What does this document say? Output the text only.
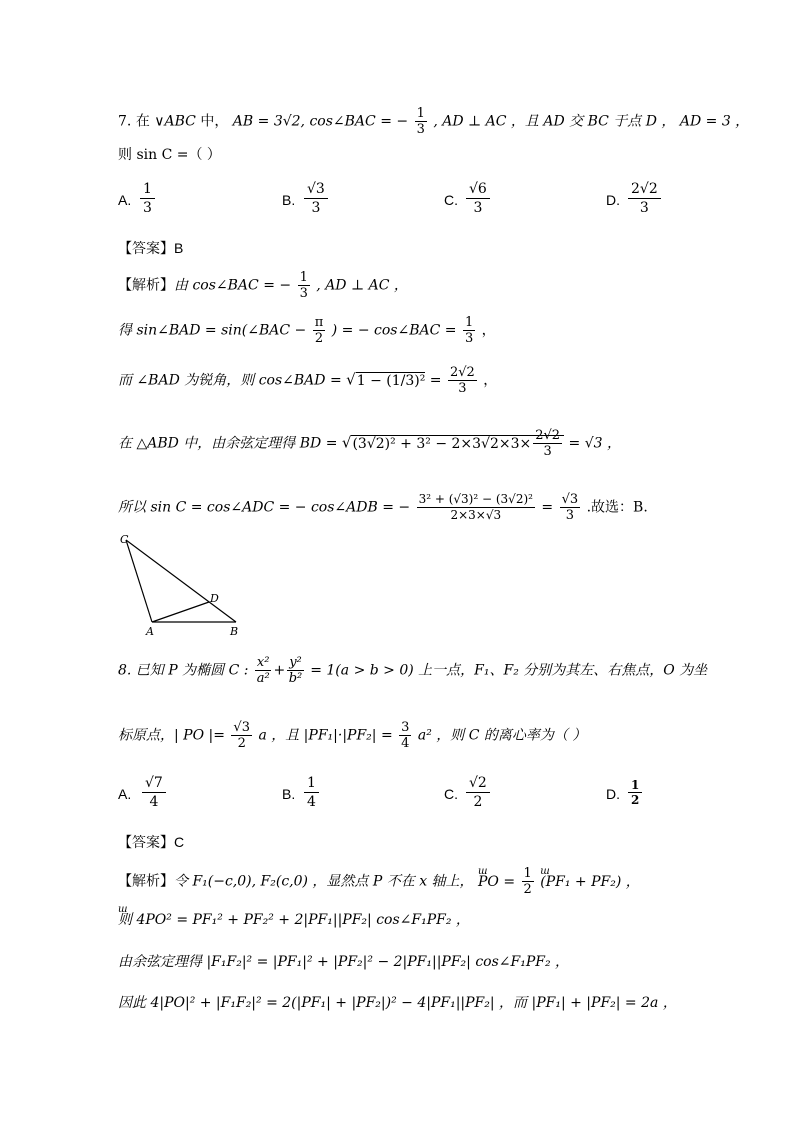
7. 在 ∨ABC 中， AB = 3√2, cos∠BAC = − $\frac{1}{3}$ , AD ⊥ AC ，且 AD 交 BC 于点 D ， AD = 3 ，
则 sin C =（ ）
A.
1
3	B.
√3
3	C.
√6
3	D.
2√2
3
【答案】B
【解析】由 cos∠BAC = − $\frac{1}{3}$ , AD ⊥ AC ，
得 sin∠BAD = sin(∠BAC − $\frac{\pi}{2}$ ) = − cos∠BAC = $\frac{1}{3}$ ，
而 ∠BAD 为锐角，则 cos∠BAD = $√1 - (1/3)^2 = \frac{2√2}{3}$ ，
在 △ABD 中，由余弦定理得 BD = $√(3√2)^2 + 3^2 - 2\times 3√2\times 3\times \frac{2√2}{3} = √3$ ，
所以 sin C = cos∠ADC = − cos∠ADB = − $\frac{\text{3² + (√3)² − (3√2)²}}{2\times 3\times√3} = \frac{√3}{3}$ .故选：B.
C
D
A	B
8. 已知 P 为椭圆 C : $\frac{\text{x²}}{\text{a²}} + \frac{\text{y²}}{\text{b²}} = 1(a > b > 0)$ 上一点，F₁、F₂ 分别为其左、右焦点，O 为坐
标原点，| PO |= $\frac{√3}{2}$ a ，且 $|PF_1|\cdot|PF_2| = \frac{3}{4} a^2$ ，则 C 的离心率为（ ）
A.
√7
4	B.
1
4	C.
√2
2	D.
1
2
【答案】C
【解析】令 F₁(−c,0), F₂(c,0) ，显然点 P 不在 x 轴上， ш PO = $\frac{1}{2}$ ш (PF₁ + PF₂) ，
ш 则 4PO² = PF₁² + PF₂² + 2|PF₁||PF₂| cos∠F₁PF₂ ，
由余弦定理得 |F₁F₂|² = |PF₁|² + |PF₂|² − 2|PF₁||PF₂| cos∠F₁PF₂ ，
因此 4|PO|² + |F₁F₂|² = 2(|PF₁| + |PF₂|)² − 4|PF₁||PF₂| ，而 |PF₁| + |PF₂| = 2a ，
